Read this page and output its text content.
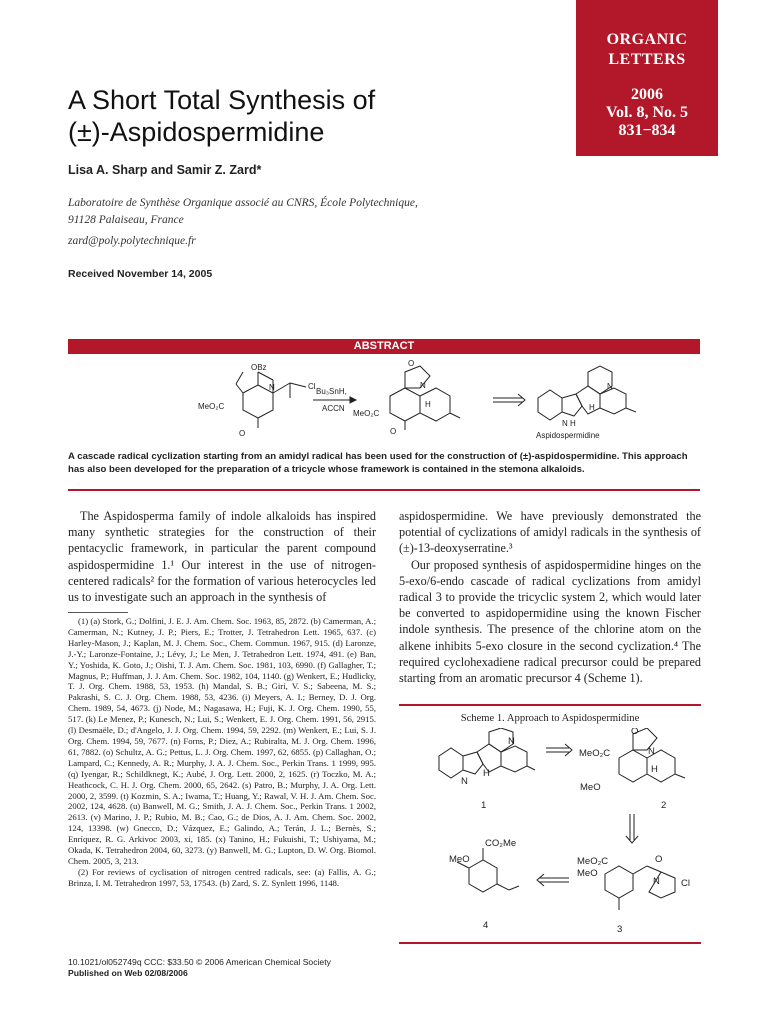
ORGANIC
LETTERS
2006
Vol. 8, No. 5
831−834
A Short Total Synthesis of
(±)-Aspidospermidine
Lisa A. Sharp and Samir Z. Zard*
Laboratoire de Synthèse Organique associé au CNRS, École Polytechnique,
91128 Palaiseau, France
zard@poly.polytechnique.fr
Received November 14, 2005
ABSTRACT
OBz
N	Cl
MeO₂C
O
Bu₃SnH,
ACCN
O
N
MeO₂C
H
O
N
H
N H
Aspidospermidine
A cascade radical cyclization starting from an amidyl radical has been used for the construction of (±)-aspidospermidine. This approach has also been developed for the preparation of a tricycle whose framework is contained in the stemona alkaloids.

The Aspidosperma family of indole alkaloids has inspired many synthetic strategies for the construction of their pentacyclic framework, in particular the parent compound aspidospermidine 1.¹ Our interest in the use of nitrogen-centered radicals² for the formation of various heterocycles led us to investigate such an approach in the synthesis of

(1) (a) Stork, G.; Dolfini, J. E. J. Am. Chem. Soc. 1963, 85, 2872. (b) Camerman, A.; Camerman, N.; Kutney, J. P.; Piers, E.; Trotter, J. Tetrahedron Lett. 1965, 637. (c) Harley-Mason, J.; Kaplan, M. J. Chem. Soc., Chem. Commun. 1967, 915. (d) Laronze, J.-Y.; Laronze-Fontaine, J.; Lévy, J.; Le Men, J. Tetrahedron Lett. 1974, 491. (e) Ban, Y.; Yoshida, K. Goto, J.; Oishi, T. J. Am. Chem. Soc. 1981, 103, 6990. (f) Gallagher, T.; Magnus, P.; Huffman, J. J. Am. Chem. Soc. 1982, 104, 1140. (g) Wenkert, E.; Hudlicky, T. J. Org. Chem. 1988, 53, 1953. (h) Mandal, S. B.; Giri, V. S.; Sabeena, M. S.; Pakrashi, S. C. J. Org. Chem. 1988, 53, 4236. (i) Meyers, A. I.; Berney, D. J. Org. Chem. 1989, 54, 4673. (j) Node, M.; Nagasawa, H.; Fuji, K. J. Org. Chem. 1990, 55, 517. (k) Le Menez, P.; Kunesch, N.; Lui, S.; Wenkert, E. J. Org. Chem. 1991, 56, 2915. (l) Desmaële, D.; d'Angelo, J. J. Org. Chem. 1994, 59, 2292. (m) Wenkert, E.; Lui, S. J. Org. Chem. 1994, 59, 7677. (n) Forns, P.; Diez, A.; Rubiralta, M. J. Org. Chem. 1996, 61, 7882. (o) Schultz, A. G.; Pettus, L. J. Org. Chem. 1997, 62, 6855. (p) Callaghan, O.; Lampard, C.; Kennedy, A. R.; Murphy, J. A. J. Chem. Soc., Perkin Trans. 1 1999, 995. (q) Iyengar, R.; Schildknegt, K.; Aubé, J. Org. Lett. 2000, 2, 1625. (r) Toczko, M. A.; Heathcock, C. H. J. Org. Chem. 2000, 65, 2642. (s) Patro, B.; Murphy, J. A. Org. Lett. 2000, 2, 3599. (t) Kozmin, S. A.; Iwama, T.; Huang, Y.; Rawal, V. H. J. Am. Chem. Soc. 2002, 124, 4628. (u) Banwell, M. G.; Smith, J. A. J. Chem. Soc., Perkin Trans. 1 2002, 2613. (v) Marino, J. P.; Rubio, M. B.; Cao, G.; de Dios, A. J. Am. Chem. Soc. 2002, 124, 13398. (w) Gnecco, D.; Vázquez, E.; Galindo, A.; Terán, J. L.; Bernès, S.; Enríquez, R. G. Arkivoc 2003, xi, 185. (x) Tanino, H.; Fukuishi, T.; Ushiyama, M.; Okada, K. Tetrahedron 2004, 60, 3273. (y) Banwell, M. G.; Lupton, D. W. Org. Biomol. Chem. 2005, 3, 213.

(2) For reviews of cyclisation of nitrogen centred radicals, see: (a) Fallis, A. G.; Brinza, I. M. Tetrahedron 1997, 53, 17543. (b) Zard, S. Z. Synlett 1996, 1148.

10.1021/ol052749q CCC: $33.50 © 2006 American Chemical Society
Published on Web 02/08/2006

aspidospermidine. We have previously demonstrated the potential of cyclizations of amidyl radicals in the synthesis of (±)-13-deoxyserratine.³

Our proposed synthesis of aspidospermidine hinges on the 5-exo/6-endo cascade of radical cyclizations from amidyl radical 3 to provide the tricyclic system 2, which would later be converted to aspidopermidine using the known Fischer indole synthesis. The presence of the chlorine atom on the alkene inhibits 5-exo closure in the second cyclization.⁴ The required cyclohexadiene radical precursor could be prepared starting from an aromatic precursor 4 (Scheme 1).

Scheme 1. Approach to Aspidospermidine
N
H
N
1
O
N
MeO₂C
H
MeO
2
MeO₂C
MeO
O
N Cl
3
CO₂Me
MeO
4
